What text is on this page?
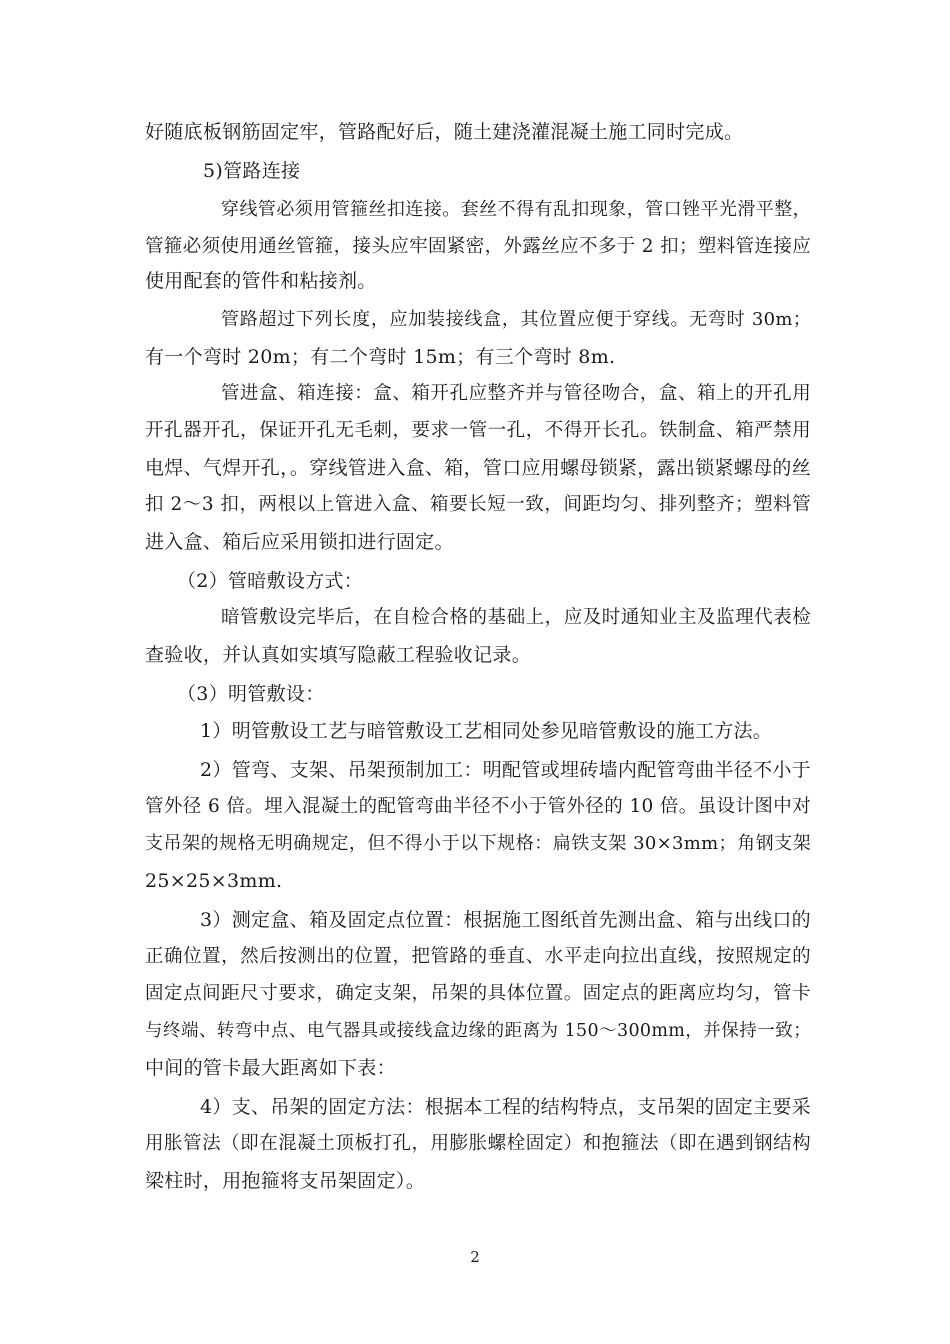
好随底板钢筋固定牢，管路配好后，随土建浇灌混凝土施工同时完成。
5)管路连接
穿线管必须用管箍丝扣连接。套丝不得有乱扣现象，管口锉平光滑平整，
管箍必须使用通丝管箍，接头应牢固紧密，外露丝应不多于 2 扣；塑料管连接应
使用配套的管件和粘接剂。
管路超过下列长度，应加装接线盒，其位置应便于穿线。无弯时 30m；
有一个弯时 20m；有二个弯时 15m；有三个弯时 8m.
管进盒、箱连接：盒、箱开孔应整齐并与管径吻合，盒、箱上的开孔用
开孔器开孔，保证开孔无毛刺，要求一管一孔，不得开长孔。铁制盒、箱严禁用
电焊、气焊开孔，。穿线管进入盒、箱，管口应用螺母锁紧，露出锁紧螺母的丝
扣 2～3 扣，两根以上管进入盒、箱要长短一致，间距均匀、排列整齐；塑料管
进入盒、箱后应采用锁扣进行固定。
（2）管暗敷设方式：
暗管敷设完毕后，在自检合格的基础上，应及时通知业主及监理代表检
查验收，并认真如实填写隐蔽工程验收记录。
（3）明管敷设：
1）明管敷设工艺与暗管敷设工艺相同处参见暗管敷设的施工方法。
2）管弯、支架、吊架预制加工：明配管或埋砖墙内配管弯曲半径不小于
管外径 6 倍。埋入混凝土的配管弯曲半径不小于管外径的 10 倍。虽设计图中对
支吊架的规格无明确规定，但不得小于以下规格：扁铁支架 30×3mm；角钢支架
25×25×3mm.
3）测定盒、箱及固定点位置：根据施工图纸首先测出盒、箱与出线口的
正确位置，然后按测出的位置，把管路的垂直、水平走向拉出直线，按照规定的
固定点间距尺寸要求，确定支架，吊架的具体位置。固定点的距离应均匀，管卡
与终端、转弯中点、电气器具或接线盒边缘的距离为 150～300mm，并保持一致；
中间的管卡最大距离如下表：
4）支、吊架的固定方法：根据本工程的结构特点，支吊架的固定主要采
用胀管法（即在混凝土顶板打孔，用膨胀螺栓固定）和抱箍法（即在遇到钢结构
梁柱时，用抱箍将支吊架固定）。
2
